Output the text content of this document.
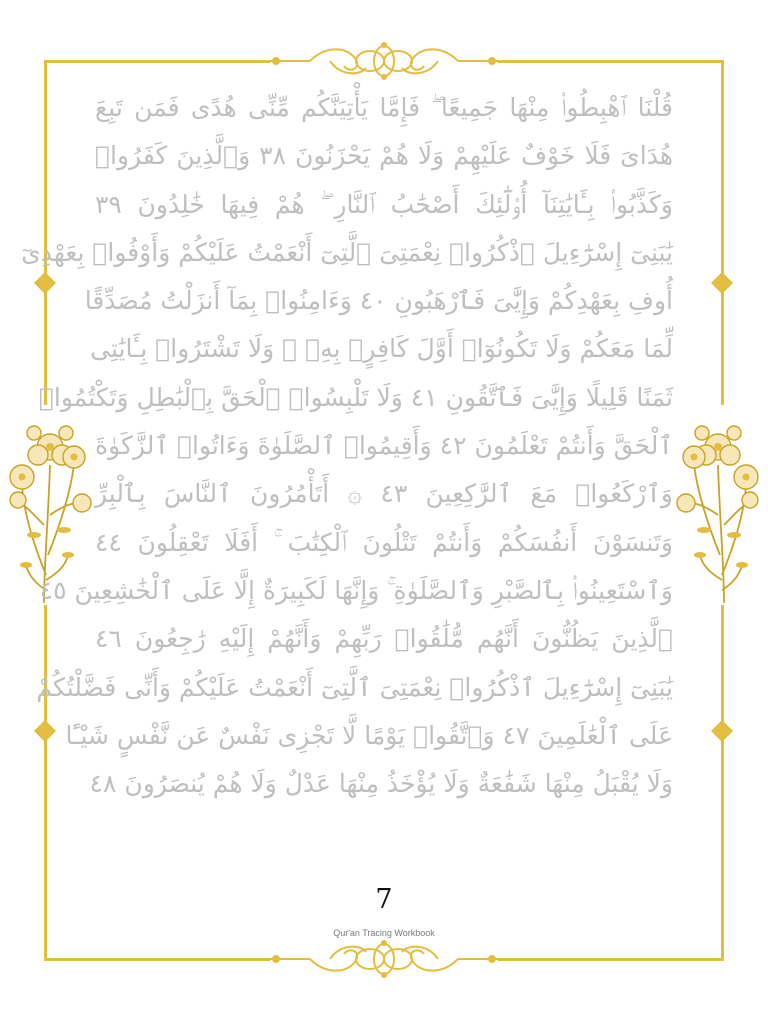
قُلْنَا ٱهْبِطُوا۟ مِنْهَا جَمِيعًا ۖ فَإِمَّا يَأْتِيَنَّكُم مِّنِّى هُدًى فَمَن تَبِعَ
هُدَاىَ فَلَا خَوْفٌ عَلَيْهِمْ وَلَا هُمْ يَحْزَنُونَ ٣٨ وَٱلَّذِينَ كَفَرُوا۟
وَكَذَّبُوا۟ بِـَٔايَٰتِنَآ أُو۟لَٰٓئِكَ أَصْحَٰبُ ٱلنَّارِ ۖ هُمْ فِيهَا خَٰلِدُونَ ٣٩
يَٰبَنِىٓ إِسْرَٰٓءِيلَ ٱذْكُرُوا۟ نِعْمَتِىَ ٱلَّتِىٓ أَنْعَمْتُ عَلَيْكُمْ وَأَوْفُوا۟ بِعَهْدِىٓ
أُوفِ بِعَهْدِكُمْ وَإِيَّٰىَ فَٱرْهَبُونِ ٤٠ وَءَامِنُوا۟ بِمَآ أَنزَلْتُ مُصَدِّقًا
لِّمَا مَعَكُمْ وَلَا تَكُونُوٓا۟ أَوَّلَ كَافِرٍۭ بِهِۦ ۖ وَلَا تَشْتَرُوا۟ بِـَٔايَٰتِى
ثَمَنًا قَلِيلًا وَإِيَّٰىَ فَٱتَّقُونِ ٤١ وَلَا تَلْبِسُوا۟ ٱلْحَقَّ بِٱلْبَٰطِلِ وَتَكْتُمُوا۟
ٱلْحَقَّ وَأَنتُمْ تَعْلَمُونَ ٤٢ وَأَقِيمُوا۟ ٱلصَّلَوٰةَ وَءَاتُوا۟ ٱلزَّكَوٰةَ
وَٱرْكَعُوا۟ مَعَ ٱلرَّٰكِعِينَ ٤٣ ۞ أَتَأْمُرُونَ ٱلنَّاسَ بِٱلْبِرِّ
وَتَنسَوْنَ أَنفُسَكُمْ وَأَنتُمْ تَتْلُونَ ٱلْكِتَٰبَ ۚ أَفَلَا تَعْقِلُونَ ٤٤
وَٱسْتَعِينُوا۟ بِٱلصَّبْرِ وَٱلصَّلَوٰةِ ۚ وَإِنَّهَا لَكَبِيرَةٌ إِلَّا عَلَى ٱلْخَٰشِعِينَ ٤٥
ٱلَّذِينَ يَظُنُّونَ أَنَّهُم مُّلَٰقُوا۟ رَبِّهِمْ وَأَنَّهُمْ إِلَيْهِ رَٰجِعُونَ ٤٦
يَٰبَنِىٓ إِسْرَٰٓءِيلَ ٱذْكُرُوا۟ نِعْمَتِىَ ٱلَّتِىٓ أَنْعَمْتُ عَلَيْكُمْ وَأَنِّى فَضَّلْتُكُمْ
عَلَى ٱلْعَٰلَمِينَ ٤٧ وَٱتَّقُوا۟ يَوْمًا لَّا تَجْزِى نَفْسٌ عَن نَّفْسٍ شَيْـًٔا
وَلَا يُقْبَلُ مِنْهَا شَفَٰعَةٌ وَلَا يُؤْخَذُ مِنْهَا عَدْلٌ وَلَا هُمْ يُنصَرُونَ ٤٨
7
Qur'an Tracing Workbook
